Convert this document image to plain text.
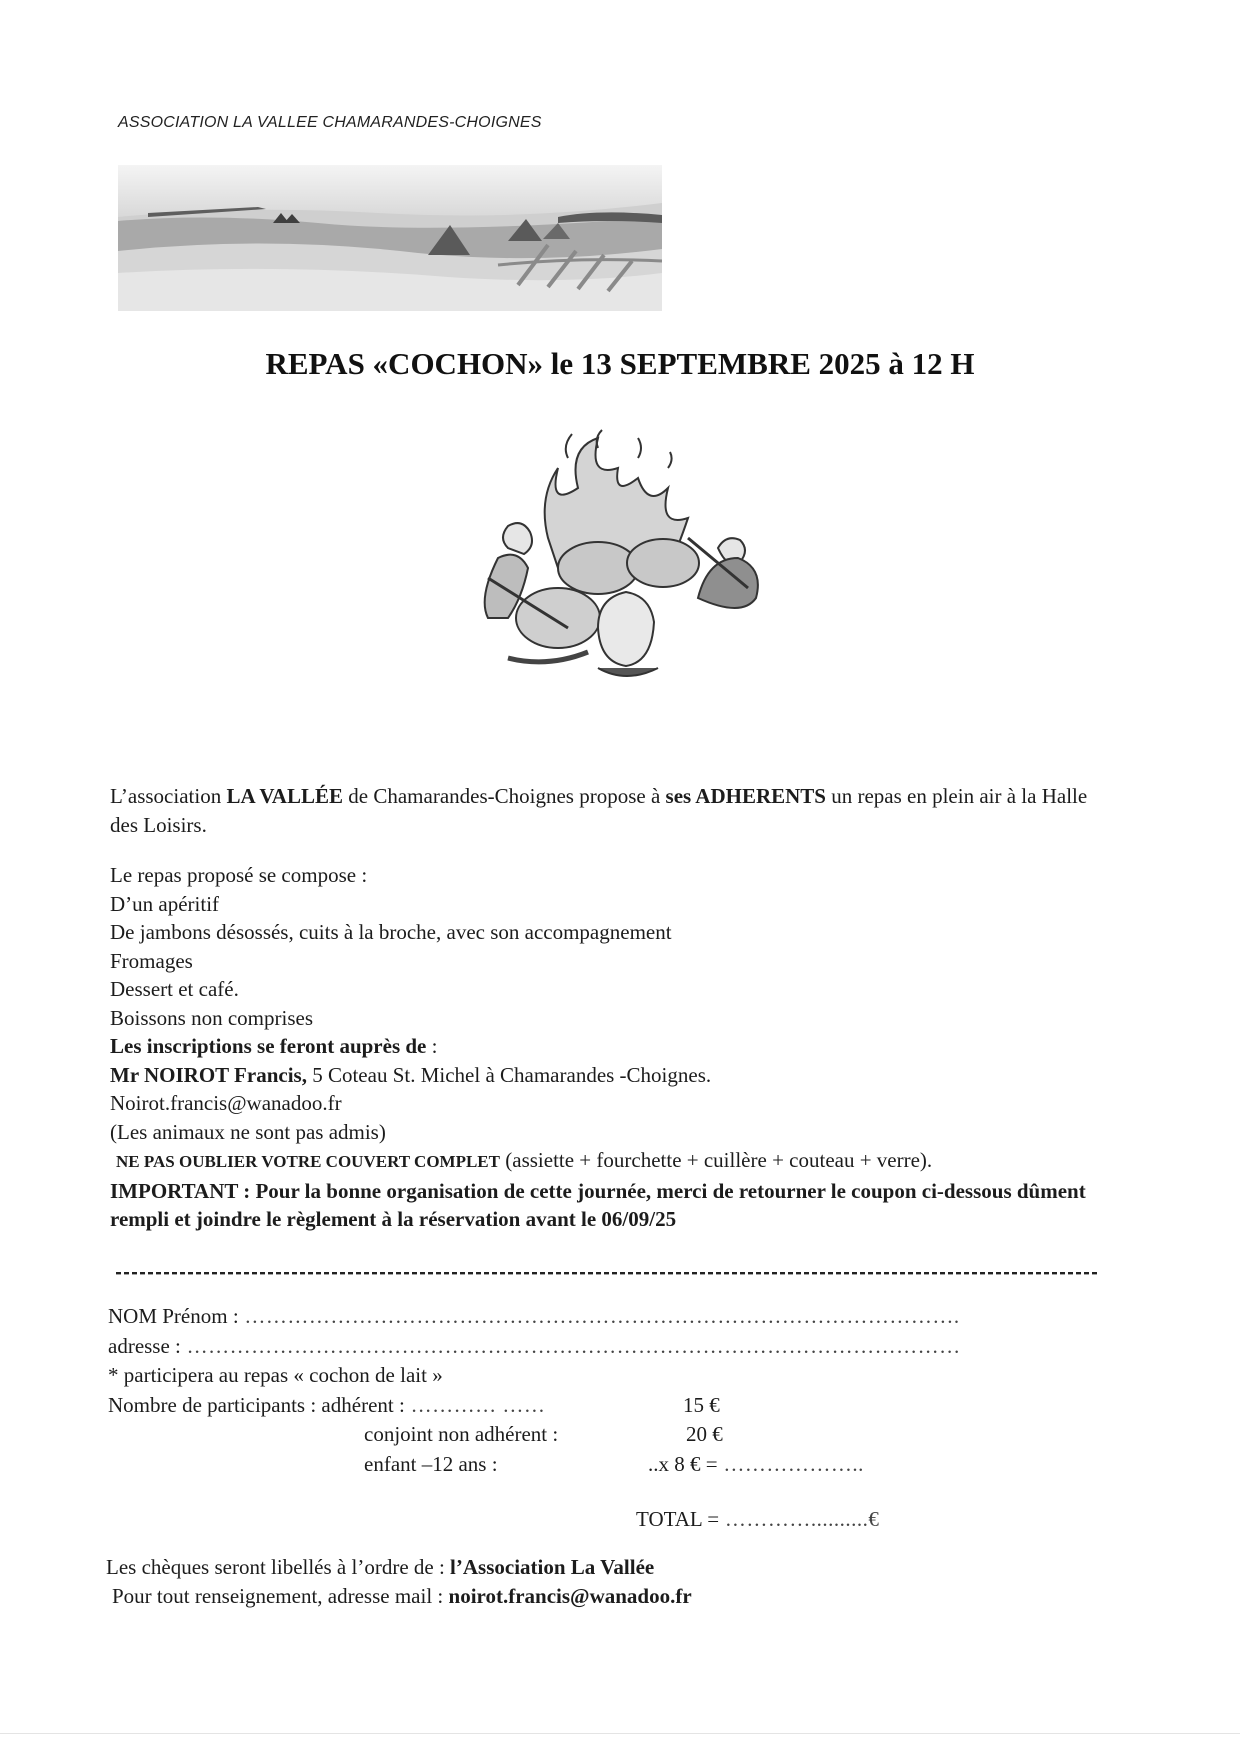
ASSOCIATION LA VALLEE CHAMARANDES-CHOIGNES
REPAS «COCHON» le 13 SEPTEMBRE 2025 à 12 H

L’association LA VALLÉE de Chamarandes-Choignes propose à ses ADHERENTS un repas en plein air à la Halle des Loisirs.

Le repas proposé se compose :

D’un apéritif

De jambons désossés, cuits à la broche, avec son accompagnement

Fromages

Dessert et café.

Boissons non comprises

Les inscriptions se feront auprès de :

Mr NOIROT Francis, 5 Coteau St. Michel à Chamarandes -Choignes.

Noirot.francis@wanadoo.fr

(Les animaux ne sont pas admis)

NE PAS OUBLIER VOTRE COUVERT COMPLET (assiette + fourchette + cuillère + couteau + verre).

IMPORTANT : Pour la bonne organisation de cette journée, merci de retourner le coupon ci-dessous dûment rempli et joindre le règlement à la réservation avant le 06/09/25

NOM Prénom : ……………………………………………………………………………………….
adresse : ………………………………………………………………………………………………
* participera au repas « cochon de lait »
Nombre de participants : adhérent : ………… ……	15 €
conjoint non adhérent :	20 €
enfant –12 ans :	..x 8 € = ………………..
TOTAL = …………..........€
Les chèques seront libellés à l’ordre de : l’Association La Vallée
Pour tout renseignement, adresse mail : noirot.francis@wanadoo.fr
